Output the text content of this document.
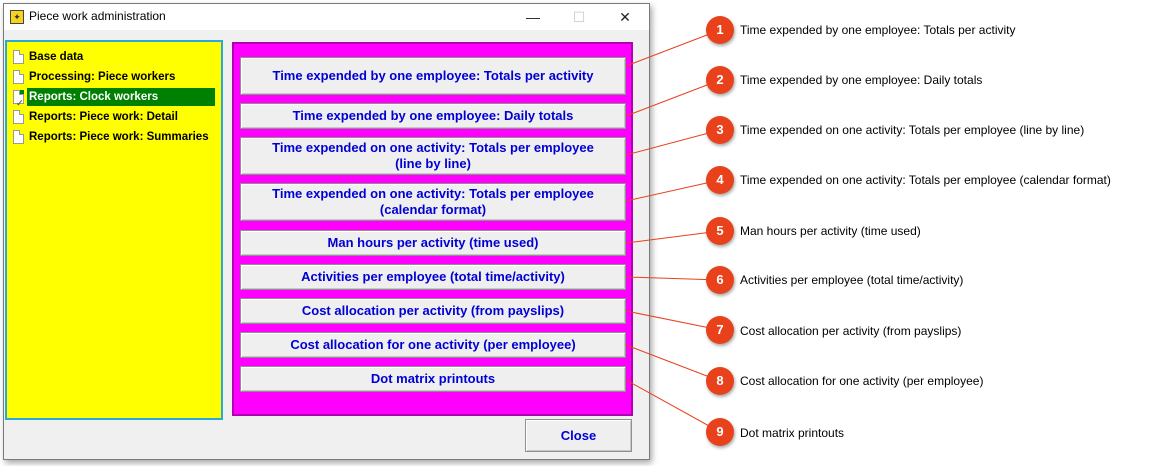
✦ Piece work administration	—	☐	✕
Base data
Processing: Piece workers
✓ Reports: Clock workers
Reports: Piece work: Detail
Reports: Piece work: Summaries
Time expended by one employee: Totals per activity
Time expended by one employee: Daily totals
Time expended on one activity: Totals per employee
(line by line)
Time expended on one activity: Totals per employee
(calendar format)
Man hours per activity (time used)
Activities per employee (total time/activity)
Cost allocation per activity (from payslips)
Cost allocation for one activity (per employee)
Dot matrix printouts
Close
1	Time expended by one employee: Totals per activity
2	Time expended by one employee: Daily totals
3	Time expended on one activity: Totals per employee (line by line)
4	Time expended on one activity: Totals per employee (calendar format)
5	Man hours per activity (time used)
6	Activities per employee (total time/activity)
7	Cost allocation per activity (from payslips)
8	Cost allocation for one activity (per employee)
9	Dot matrix printouts
